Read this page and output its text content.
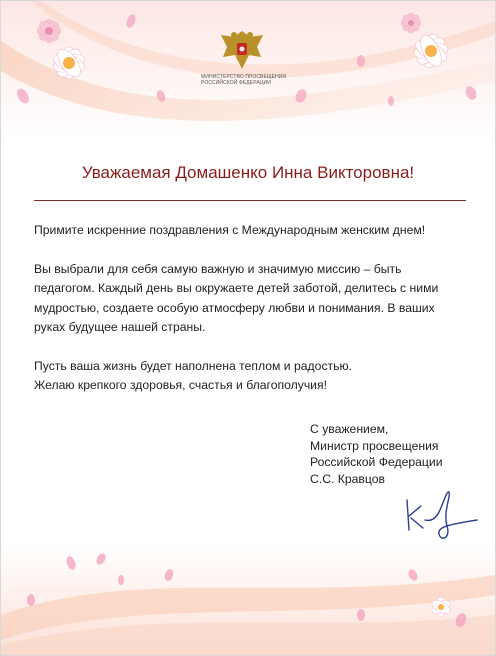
МИНИСТЕРСТВО ПРОСВЕЩЕНИЯ
РОССИЙСКОЙ ФЕДЕРАЦИИ
Уважаемая Домашенко Инна Викторовна!

Примите искренние поздравления с Международным женским днем!

Вы выбрали для себя самую важную и значимую миссию – быть педагогом. Каждый день вы окружаете детей заботой, делитесь с ними мудростью, создаете особую атмосферу любви и понимания. В ваших руках будущее нашей страны.

Пусть ваша жизнь будет наполнена теплом и радостью.
Желаю крепкого здоровья, счастья и благополучия!

С уважением,
Министр просвещения
Российской Федерации
С.С. Кравцов
